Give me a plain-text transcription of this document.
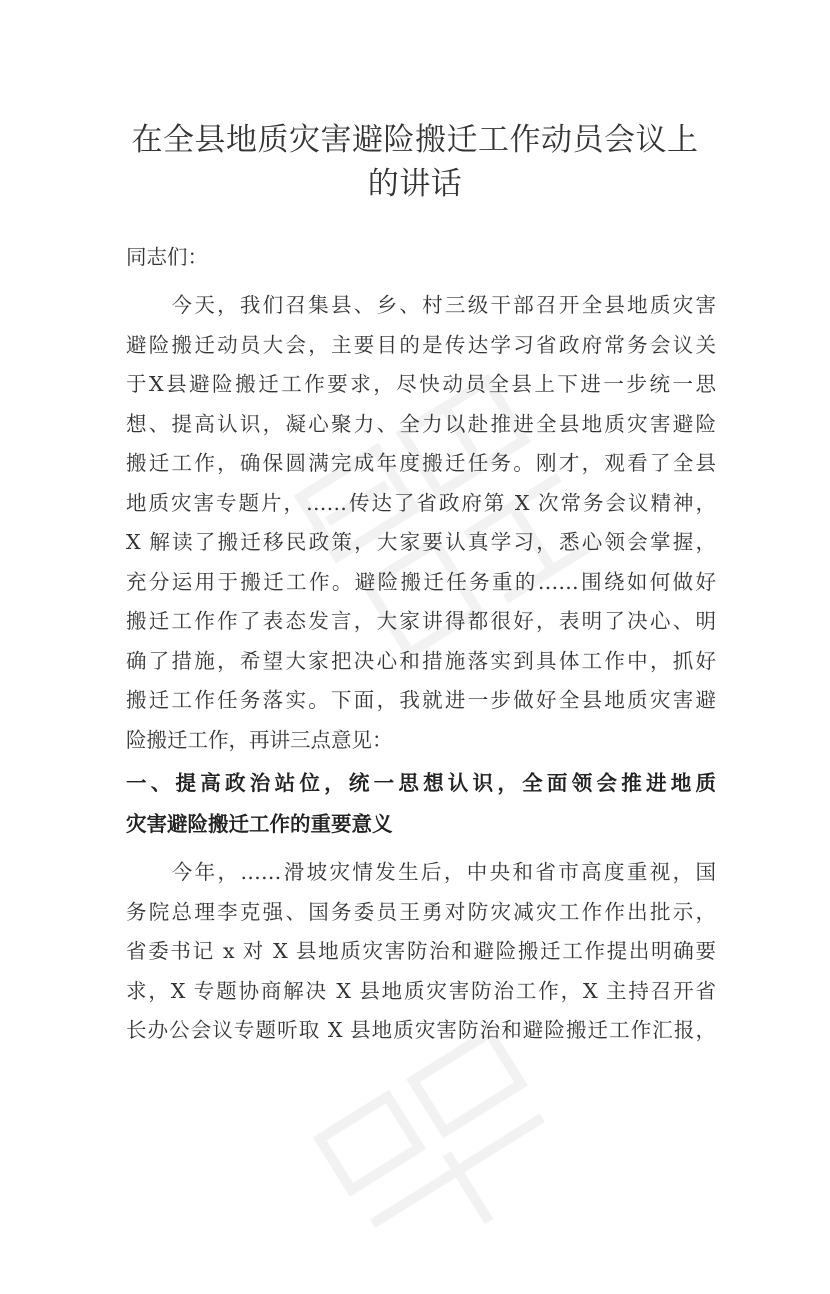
在全县地质灾害避险搬迁工作动员会议上
的讲话

同志们：

　　今天，我们召集县、乡、村三级干部召开全县地质灾害
避险搬迁动员大会，主要目的是传达学习省政府常务会议关
于X县避险搬迁工作要求，尽快动员全县上下进一步统一思
想、提高认识，凝心聚力、全力以赴推进全县地质灾害避险
搬迁工作，确保圆满完成年度搬迁任务。刚才，观看了全县
地质灾害专题片，……传达了省政府第 X 次常务会议精神，
X 解读了搬迁移民政策，大家要认真学习，悉心领会掌握，
充分运用于搬迁工作。避险搬迁任务重的……围绕如何做好
搬迁工作作了表态发言，大家讲得都很好，表明了决心、明
确了措施，希望大家把决心和措施落实到具体工作中，抓好
搬迁工作任务落实。下面，我就进一步做好全县地质灾害避
险搬迁工作，再讲三点意见：
一、提高政治站位，统一思想认识，全面领会推进地质
灾害避险搬迁工作的重要意义
　　今年，……滑坡灾情发生后，中央和省市高度重视，国
务院总理李克强、国务委员王勇对防灾减灾工作作出批示，
省委书记 x 对 X 县地质灾害防治和避险搬迁工作提出明确要
求，X 专题协商解决 X 县地质灾害防治工作，X 主持召开省
长办公会议专题听取 X 县地质灾害防治和避险搬迁工作汇报，
